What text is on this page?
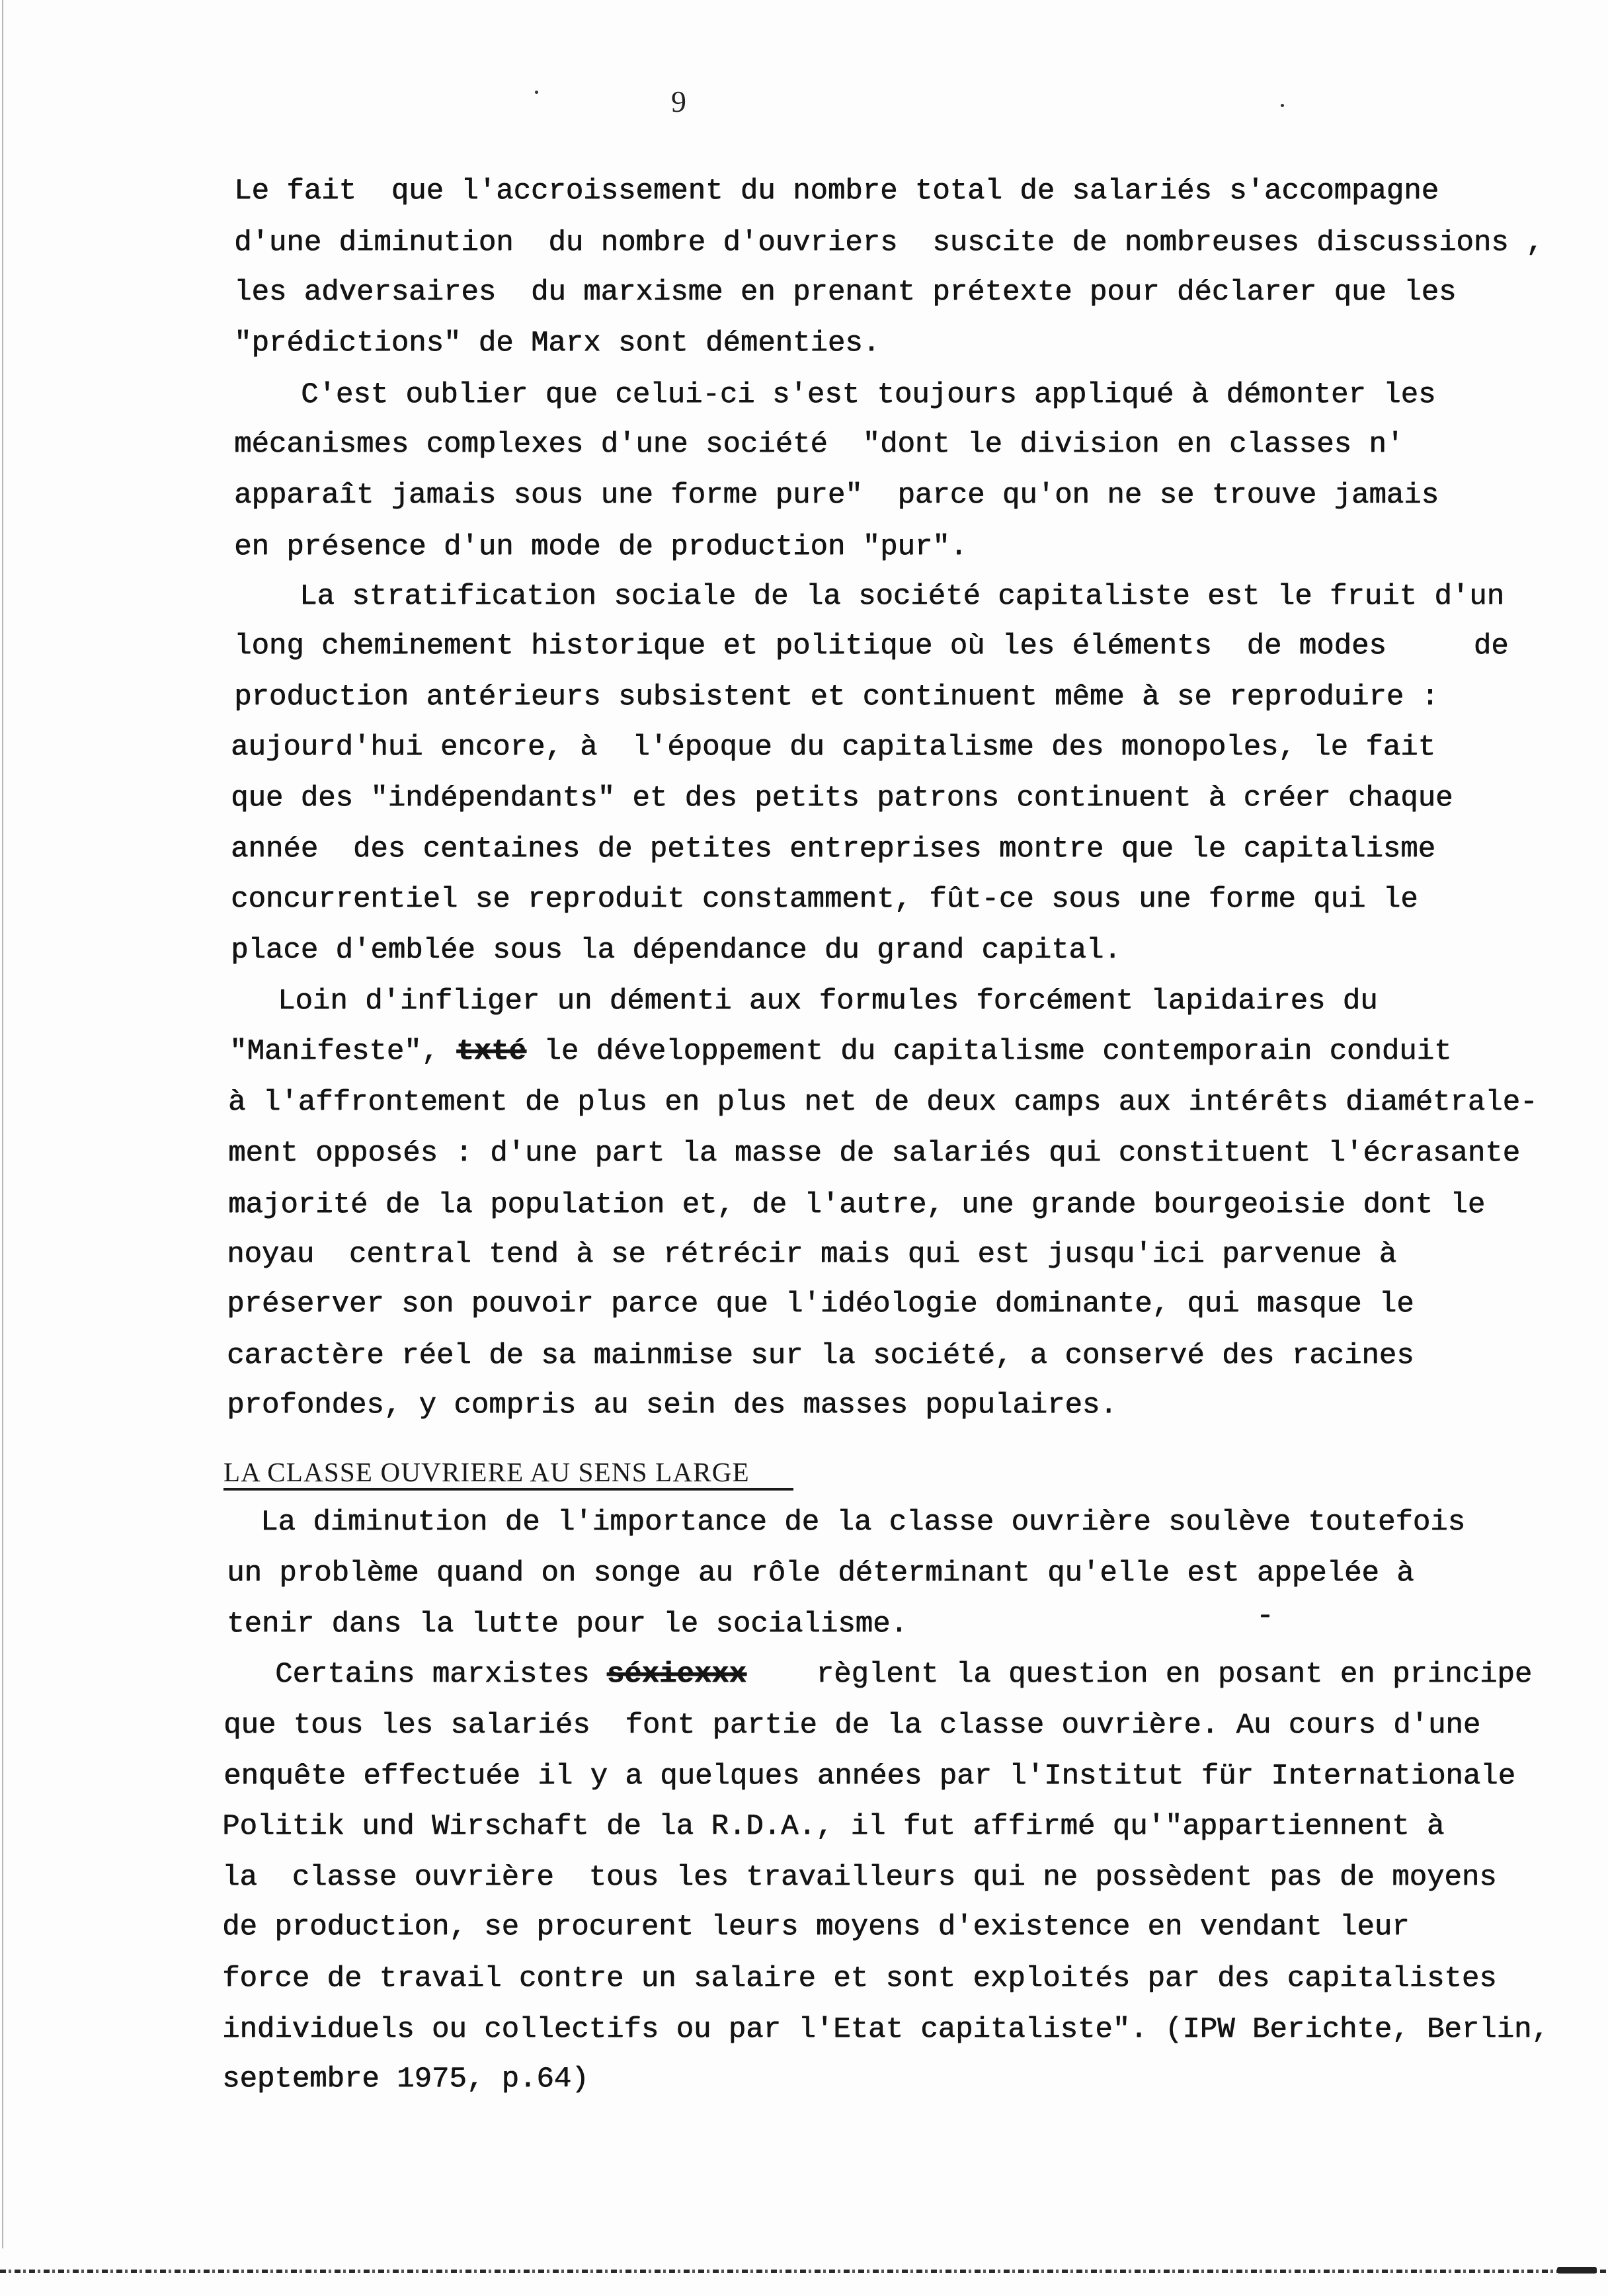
9
Le fait  que l'accroissement du nombre total de salariés s'accompagne
d'une diminution  du nombre d'ouvriers  suscite de nombreuses discussions ,
les adversaires  du marxisme en prenant prétexte pour déclarer que les
"prédictions" de Marx sont démenties.
C'est oublier que celui-ci s'est toujours appliqué à démonter les
mécanismes complexes d'une société  "dont le division en classes n'
apparaît jamais sous une forme pure"  parce qu'on ne se trouve jamais
en présence d'un mode de production "pur".
La stratification sociale de la société capitaliste est le fruit d'un
long cheminement historique et politique où les éléments  de modes     de
production antérieurs subsistent et continuent même à se reproduire :
aujourd'hui encore, à  l'époque du capitalisme des monopoles, le fait
que des "indépendants" et des petits patrons continuent à créer chaque
année  des centaines de petites entreprises montre que le capitalisme
concurrentiel se reproduit constamment, fût-ce sous une forme qui le
place d'emblée sous la dépendance du grand capital.
Loin d'infliger un démenti aux formules forcément lapidaires du
"Manifeste", txté le développement du capitalisme contemporain conduit
à l'affrontement de plus en plus net de deux camps aux intérêts diamétrale-
ment opposés : d'une part la masse de salariés qui constituent l'écrasante
majorité de la population et, de l'autre, une grande bourgeoisie dont le
noyau  central tend à se rétrécir mais qui est jusqu'ici parvenue à
préserver son pouvoir parce que l'idéologie dominante, qui masque le
caractère réel de sa mainmise sur la société, a conservé des racines
profondes, y compris au sein des masses populaires.
LA CLASSE OUVRIERE AU SENS LARGE
La diminution de l'importance de la classe ouvrière soulève toutefois
un problème quand on songe au rôle déterminant qu'elle est appelée à
tenir dans la lutte pour le socialisme.	-
Certains marxistes séxiexxx    règlent la question en posant en principe
que tous les salariés  font partie de la classe ouvrière. Au cours d'une
enquête effectuée il y a quelques années par l'Institut für Internationale
Politik und Wirschaft de la R.D.A., il fut affirmé qu'"appartiennent à
la  classe ouvrière  tous les travailleurs qui ne possèdent pas de moyens
de production, se procurent leurs moyens d'existence en vendant leur
force de travail contre un salaire et sont exploités par des capitalistes
individuels ou collectifs ou par l'Etat capitaliste". (IPW Berichte, Berlin,
septembre 1975, p.64)
